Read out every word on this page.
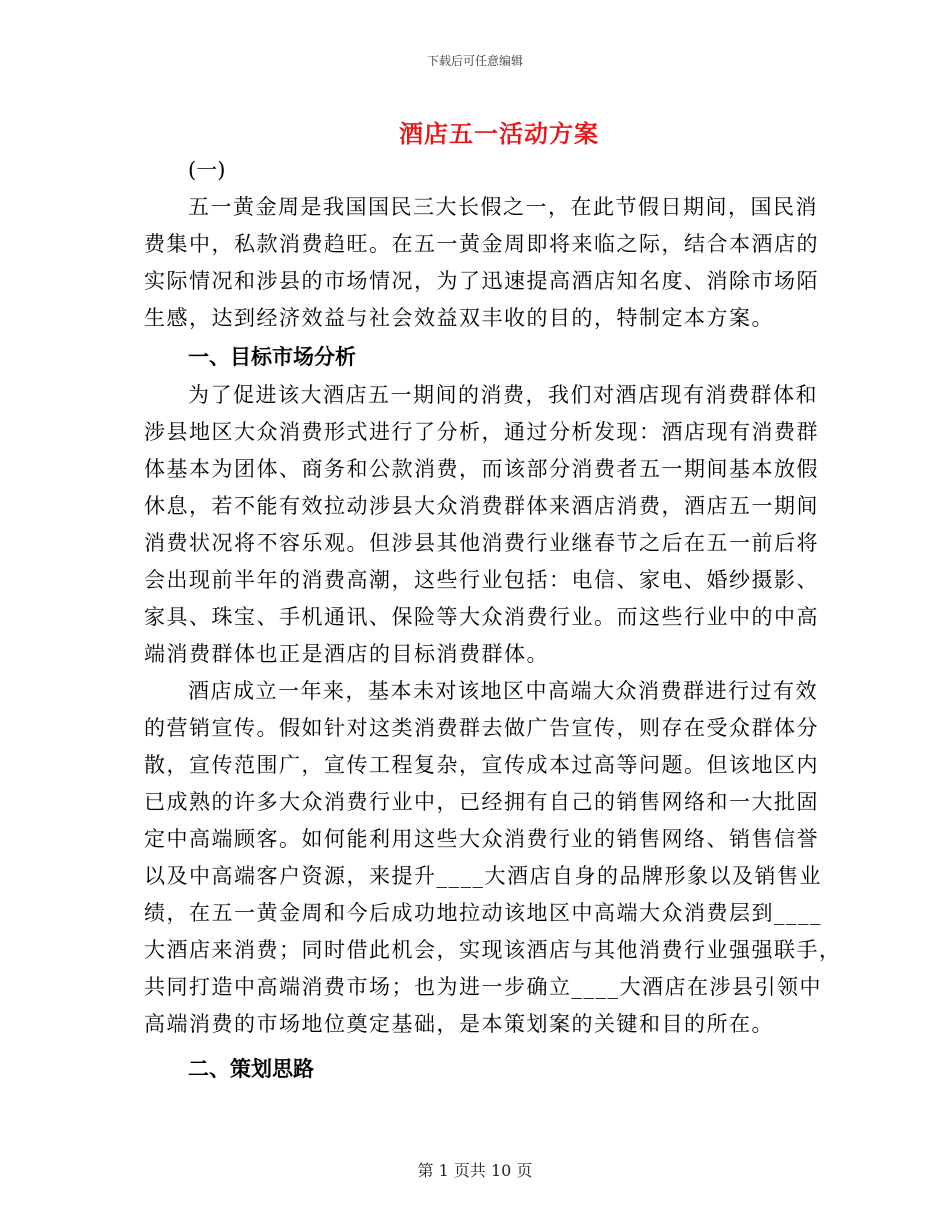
下载后可任意编辑
酒店五一活动方案
(一)
五一黄金周是我国国民三大长假之一，在此节假日期间，国民消
费集中，私款消费趋旺。在五一黄金周即将来临之际，结合本酒店的
实际情况和涉县的市场情况，为了迅速提高酒店知名度、消除市场陌
生感，达到经济效益与社会效益双丰收的目的，特制定本方案。
一、目标市场分析
为了促进该大酒店五一期间的消费，我们对酒店现有消费群体和
涉县地区大众消费形式进行了分析，通过分析发现：酒店现有消费群
体基本为团体、商务和公款消费，而该部分消费者五一期间基本放假
休息，若不能有效拉动涉县大众消费群体来酒店消费，酒店五一期间
消费状况将不容乐观。但涉县其他消费行业继春节之后在五一前后将
会出现前半年的消费高潮，这些行业包括：电信、家电、婚纱摄影、
家具、珠宝、手机通讯、保险等大众消费行业。而这些行业中的中高
端消费群体也正是酒店的目标消费群体。
酒店成立一年来，基本未对该地区中高端大众消费群进行过有效
的营销宣传。假如针对这类消费群去做广告宣传，则存在受众群体分
散，宣传范围广，宣传工程复杂，宣传成本过高等问题。但该地区内
已成熟的许多大众消费行业中，已经拥有自己的销售网络和一大批固
定中高端顾客。如何能利用这些大众消费行业的销售网络、销售信誉
以及中高端客户资源，来提升____大酒店自身的品牌形象以及销售业
绩，在五一黄金周和今后成功地拉动该地区中高端大众消费层到____
大酒店来消费；同时借此机会，实现该酒店与其他消费行业强强联手，
共同打造中高端消费市场；也为进一步确立____大酒店在涉县引领中
高端消费的市场地位奠定基础，是本策划案的关键和目的所在。
二、策划思路
第 1 页共 10 页
